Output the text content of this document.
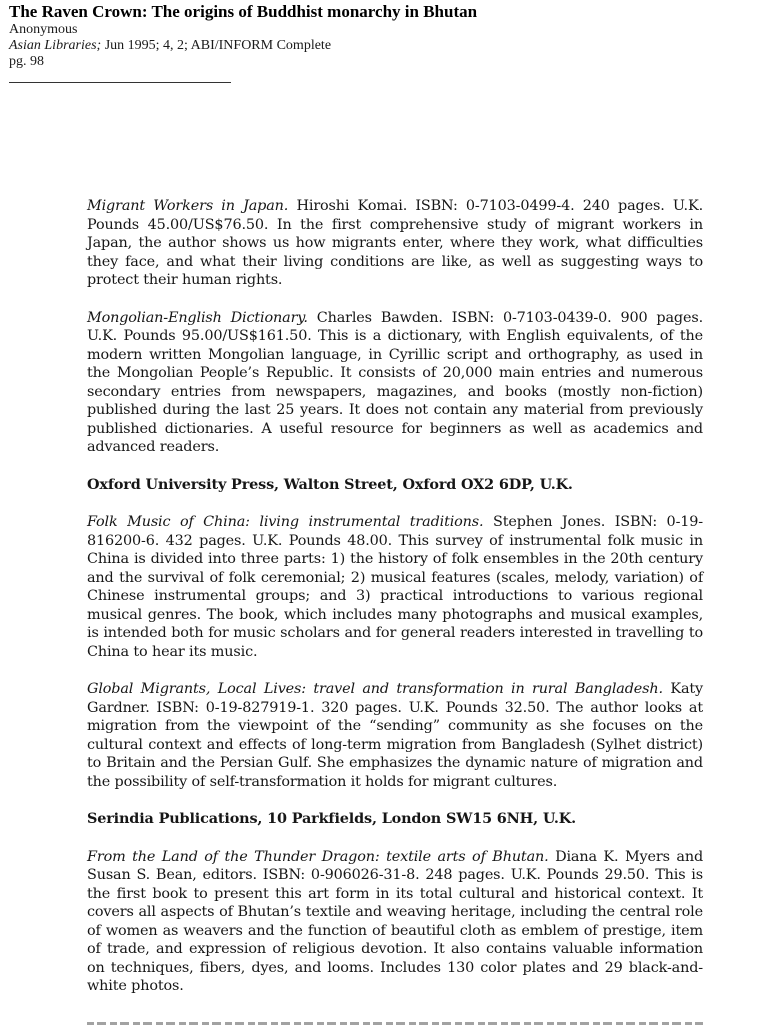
The Raven Crown: The origins of Buddhist monarchy in Bhutan

Anonymous

Asian Libraries; Jun 1995; 4, 2; ABI/INFORM Complete

pg. 98

Migrant Workers in Japan. Hiroshi Komai. ISBN: 0-7103-0499-4. 240 pages. U.K. Pounds 45.00/US$76.50. In the first comprehensive study of migrant workers in Japan, the author shows us how migrants enter, where they work, what difficulties they face, and what their living conditions are like, as well as suggesting ways to protect their human rights.

Mongolian-English Dictionary. Charles Bawden. ISBN: 0-7103-0439-0. 900 pages. U.K. Pounds 95.00/US$161.50. This is a dictionary, with English equivalents, of the modern written Mongolian language, in Cyrillic script and orthography, as used in the Mongolian People’s Republic. It consists of 20,000 main entries and numerous secondary entries from newspapers, magazines, and books (mostly non-fiction) published during the last 25 years. It does not contain any material from previously published dictionaries. A useful resource for beginners as well as academics and advanced readers.

Oxford University Press, Walton Street, Oxford OX2 6DP, U.K.

Folk Music of China: living instrumental traditions. Stephen Jones. ISBN: 0-19-816200-6. 432 pages. U.K. Pounds 48.00. This survey of instrumental folk music in China is divided into three parts: 1) the history of folk ensembles in the 20th century and the survival of folk ceremonial; 2) musical features (scales, melody, variation) of Chinese instrumental groups; and 3) practical introductions to various regional musical genres. The book, which includes many photographs and musical examples, is intended both for music scholars and for general readers interested in travelling to China to hear its music.

Global Migrants, Local Lives: travel and transformation in rural Bangladesh. Katy Gardner. ISBN: 0-19-827919-1. 320 pages. U.K. Pounds 32.50. The author looks at migration from the viewpoint of the “sending” community as she focuses on the cultural context and effects of long-term migration from Bangladesh (Sylhet district) to Britain and the Persian Gulf. She emphasizes the dynamic nature of migration and the possibility of self-transformation it holds for migrant cultures.

Serindia Publications, 10 Parkfields, London SW15 6NH, U.K.

From the Land of the Thunder Dragon: textile arts of Bhutan. Diana K. Myers and Susan S. Bean, editors. ISBN: 0-906026-31-8. 248 pages. U.K. Pounds 29.50. This is the first book to present this art form in its total cultural and historical context. It covers all aspects of Bhutan’s textile and weaving heritage, including the central role of women as weavers and the function of beautiful cloth as emblem of prestige, item of trade, and expression of religious devotion. It also contains valuable information on techniques, fibers, dyes, and looms. Includes 130 color plates and 29 black-and-white photos.
